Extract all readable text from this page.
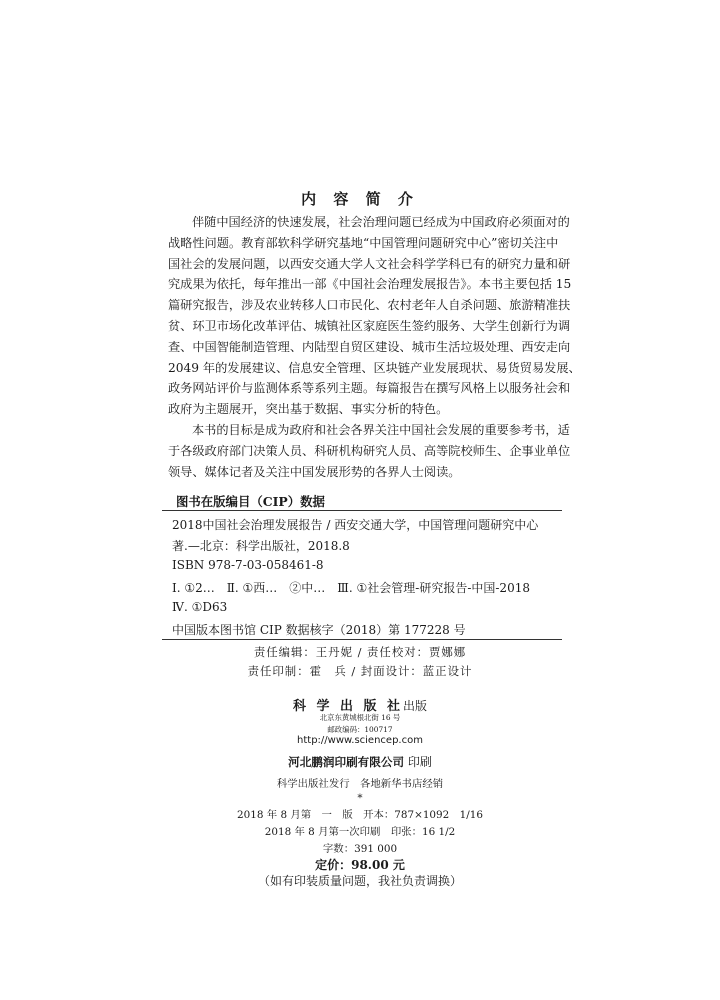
内 容 简 介
伴随中国经济的快速发展，社会治理问题已经成为中国政府必须面对的
战略性问题。教育部软科学研究基地“中国管理问题研究中心”密切关注中
国社会的发展问题，以西安交通大学人文社会科学学科已有的研究力量和研
究成果为依托，每年推出一部《中国社会治理发展报告》。本书主要包括 15
篇研究报告，涉及农业转移人口市民化、农村老年人自杀问题、旅游精准扶
贫、环卫市场化改革评估、城镇社区家庭医生签约服务、大学生创新行为调
查、中国智能制造管理、内陆型自贸区建设、城市生活垃圾处理、西安走向
2049 年的发展建议、信息安全管理、区块链产业发展现状、易货贸易发展、
政务网站评价与监测体系等系列主题。每篇报告在撰写风格上以服务社会和
政府为主题展开，突出基于数据、事实分析的特色。
本书的目标是成为政府和社会各界关注中国社会发展的重要参考书，适
于各级政府部门决策人员、科研机构研究人员、高等院校师生、企事业单位
领导、媒体记者及关注中国发展形势的各界人士阅读。
图书在版编目（CIP）数据
2018中国社会治理发展报告 / 西安交通大学，中国管理问题研究中心
著.—北京：科学出版社，2018.8
ISBN 978-7-03-058461-8
Ⅰ. ①2…　Ⅱ. ①西…　②中…　Ⅲ. ①社会管理-研究报告-中国-2018
Ⅳ. ①D63
中国版本图书馆 CIP 数据核字（2018）第 177228 号
责任编辑：王丹妮 / 责任校对：贾娜娜
责任印制：霍　兵 / 封面设计：蓝正设计
科 学 出 版 社出版
北京东黄城根北街 16 号
邮政编码：100717
http://www.sciencep.com
河北鹏润印刷有限公司 印刷
科学出版社发行　各地新华书店经销
*
2018 年 8 月第　一　版　开本：787×1092　1/16
2018 年 8 月第一次印刷　印张：16 1/2
字数：391 000
定价：98.00 元
（如有印装质量问题，我社负责调换）
